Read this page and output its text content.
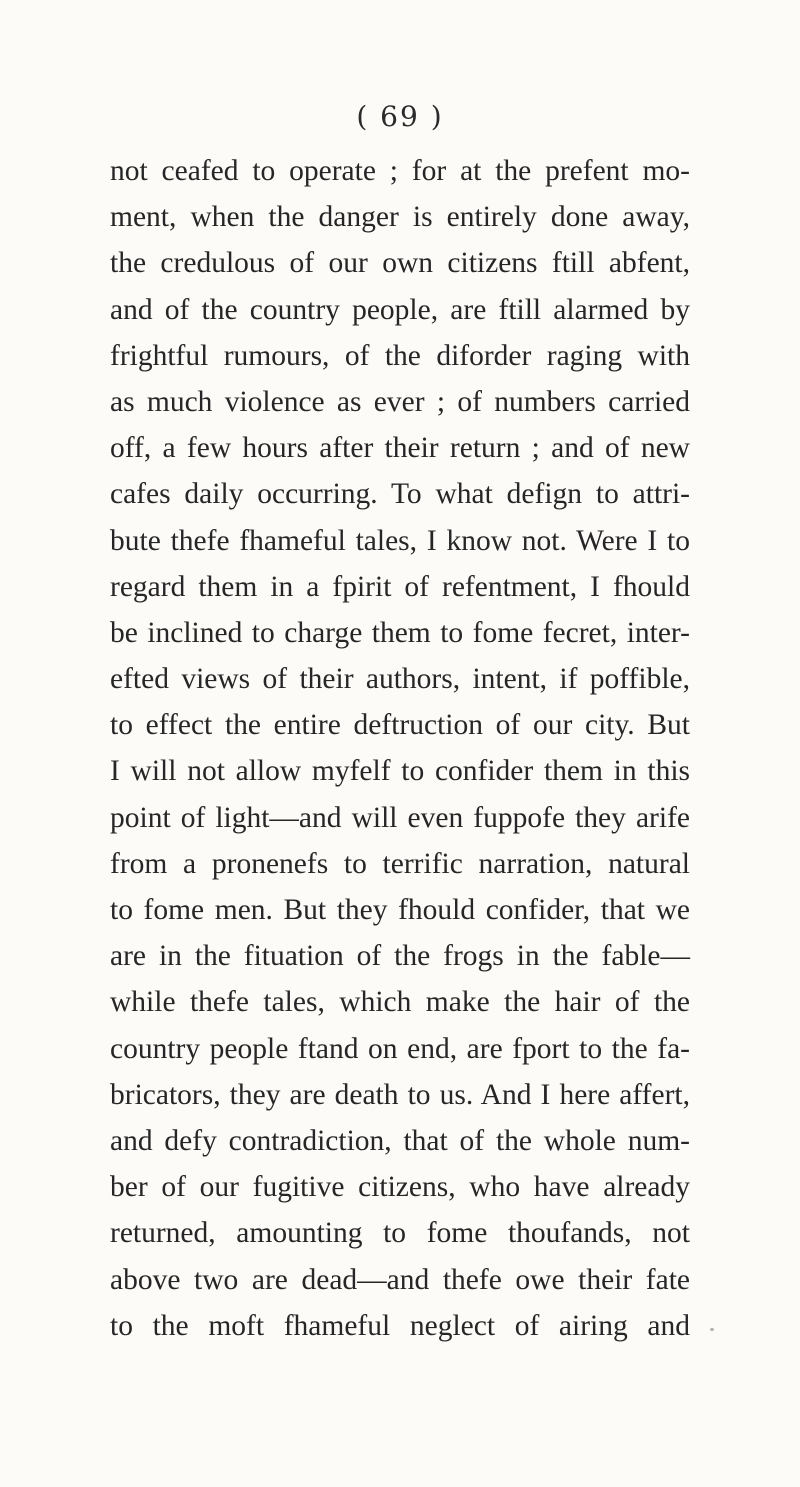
( 69 )
not ceafed to operate ; for at the prefent mo-
ment, when the danger is entirely done away,
the credulous of our own citizens ftill abfent,
and of the country people, are ftill alarmed by
frightful rumours, of the diforder raging with
as much violence as ever ; of numbers carried
off, a few hours after their return ; and of new
cafes daily occurring. To what defign to attri-
bute thefe fhameful tales, I know not. Were I to
regard them in a fpirit of refentment, I fhould
be inclined to charge them to fome fecret, inter-
efted views of their authors, intent, if poffible,
to effect the entire deftruction of our city. But
I will not allow myfelf to confider them in this
point of light—and will even fuppofe they arife
from a pronenefs to terrific narration, natural
to fome men. But they fhould confider, that we
are in the fituation of the frogs in the fable—
while thefe tales, which make the hair of the
country people ftand on end, are fport to the fa-
bricators, they are death to us. And I here affert,
and defy contradiction, that of the whole num-
ber of our fugitive citizens, who have already
returned, amounting to fome thoufands, not
above two are dead—and thefe owe their fate
to the moft fhameful neglect of airing and
